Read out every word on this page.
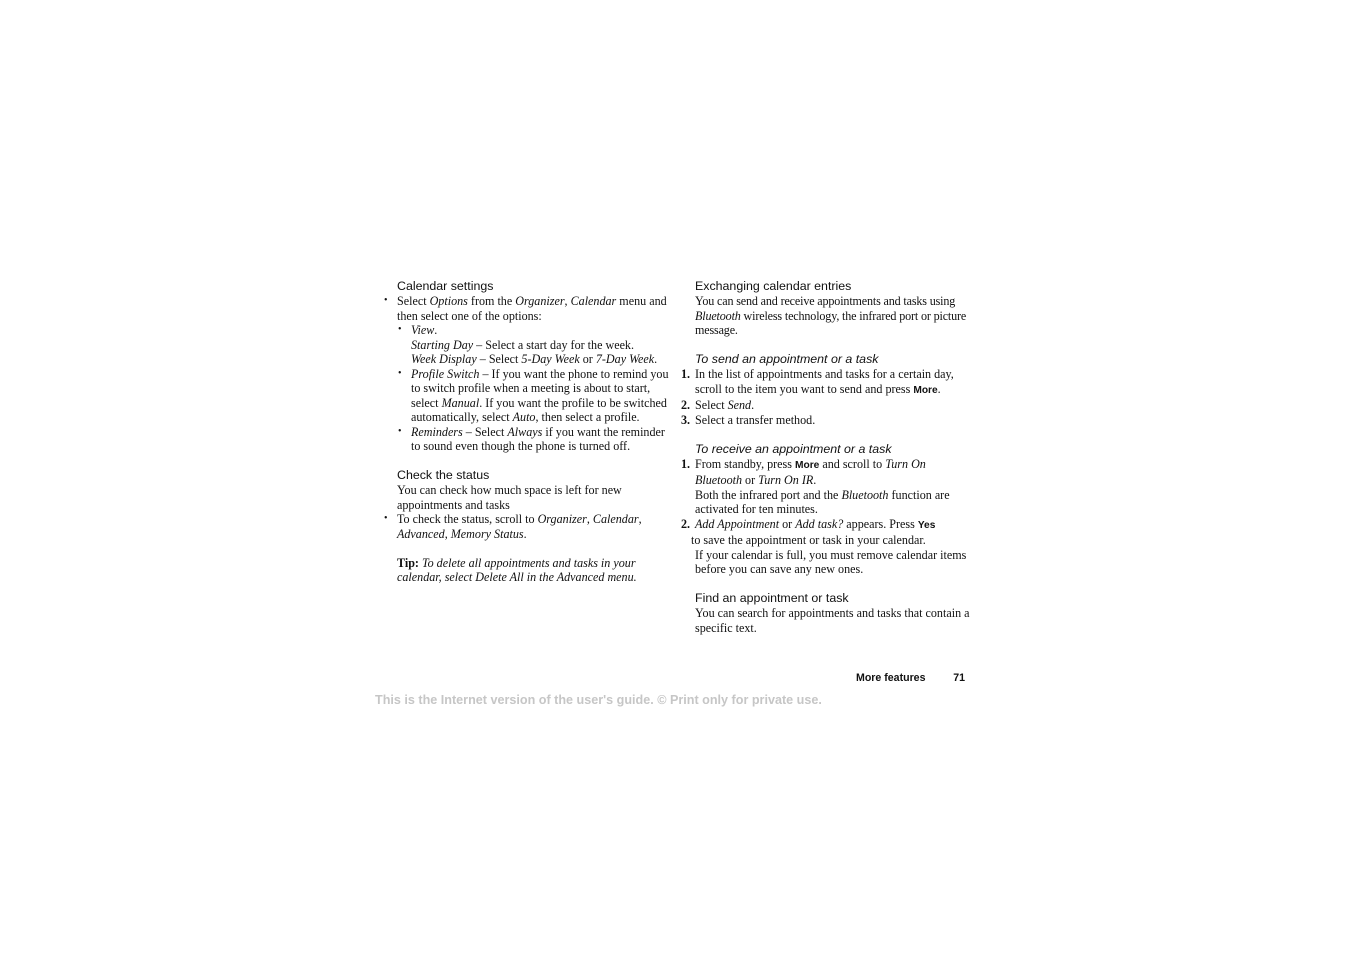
Calendar settings

• Select Options from the Organizer, Calendar menu and then select one of the options:
• View.
Starting Day – Select a start day for the week.
Week Display – Select 5-Day Week or 7-Day Week.
• Profile Switch – If you want the phone to remind you to switch profile when a meeting is about to start, select Manual. If you want the profile to be switched automatically, select Auto, then select a profile.
• Reminders – Select Always if you want the reminder to sound even though the phone is turned off.

Check the status

You can check how much space is left for new appointments and tasks

• To check the status, scroll to Organizer, Calendar, Advanced, Memory Status.

Tip: To delete all appointments and tasks in your calendar, select Delete All in the Advanced menu.

Exchanging calendar entries

You can send and receive appointments and tasks using Bluetooth wireless technology, the infrared port or picture message.

To send an appointment or a task

1. In the list of appointments and tasks for a certain day, scroll to the item you want to send and press More.
2. Select Send.
3. Select a transfer method.

To receive an appointment or a task

1. From standby, press More and scroll to Turn On Bluetooth or Turn On IR.
Both the infrared port and the Bluetooth function are activated for ten minutes.
2. Add Appointment or Add task? appears. Press Yes
to save the appointment or task in your calendar.
If your calendar is full, you must remove calendar items before you can save any new ones.

Find an appointment or task

You can search for appointments and tasks that contain a specific text.

More features	71
This is the Internet version of the user's guide. © Print only for private use.
